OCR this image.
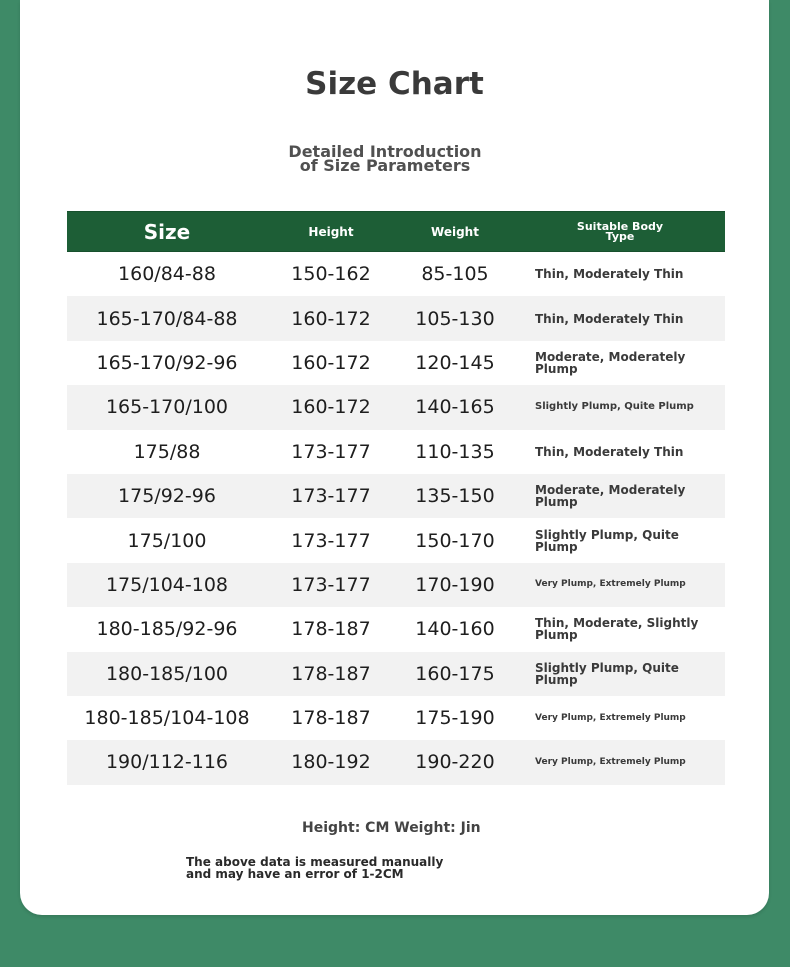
Size Chart
Detailed Introduction
of Size Parameters
Size	Height	Weight	Suitable Body
Type
160/84-88	150-162	85-105	Thin, Moderately Thin
165-170/84-88	160-172	105-130	Thin, Moderately Thin
165-170/92-96	160-172	120-145	Moderate, Moderately Plump
165-170/100	160-172	140-165	Slightly Plump, Quite Plump
175/88	173-177	110-135	Thin, Moderately Thin
175/92-96	173-177	135-150	Moderate, Moderately Plump
175/100	173-177	150-170	Slightly Plump, Quite Plump
175/104-108	173-177	170-190	Very Plump, Extremely Plump
180-185/92-96	178-187	140-160	Thin, Moderate, Slightly Plump
180-185/100	178-187	160-175	Slightly Plump, Quite Plump
180-185/104-108	178-187	175-190	Very Plump, Extremely Plump
190/112-116	180-192	190-220	Very Plump, Extremely Plump
Height: CM Weight: Jin
The above data is measured manually
and may have an error of 1-2CM
